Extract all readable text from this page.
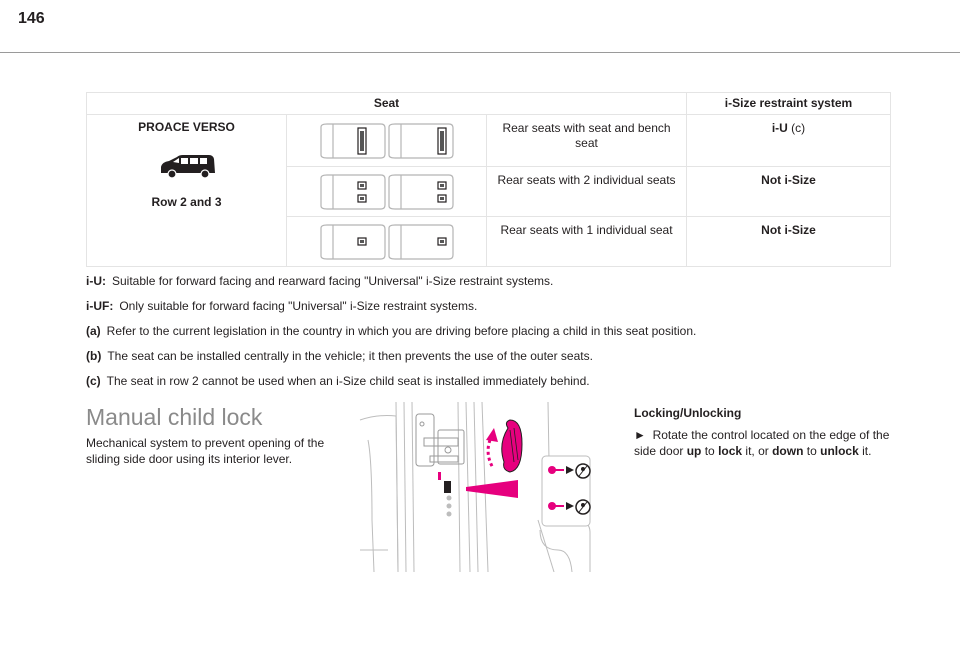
146
Seat			i-Size restraint system

PROACE VERSO
Row 2 and 3		Rear seats with seat and bench seat	i-U (c)

	Rear seats with 2 individual seats	Not i-Size

	Rear seats with 1 individual seat	Not i-Size
i-U: Suitable for forward facing and rearward facing "Universal" i-Size restraint systems.
i-UF: Only suitable for forward facing "Universal" i-Size restraint systems.
(a) Refer to the current legislation in the country in which you are driving before placing a child in this seat position.
(b) The seat can be installed centrally in the vehicle; it then prevents the use of the outer seats.
(c) The seat in row 2 cannot be used when an i-Size child seat is installed immediately behind.
Manual child lock
Mechanical system to prevent opening of the sliding side door using its interior lever.
Locking/Unlocking
► Rotate the control located on the edge of the side door up to lock it, or down to unlock it.
